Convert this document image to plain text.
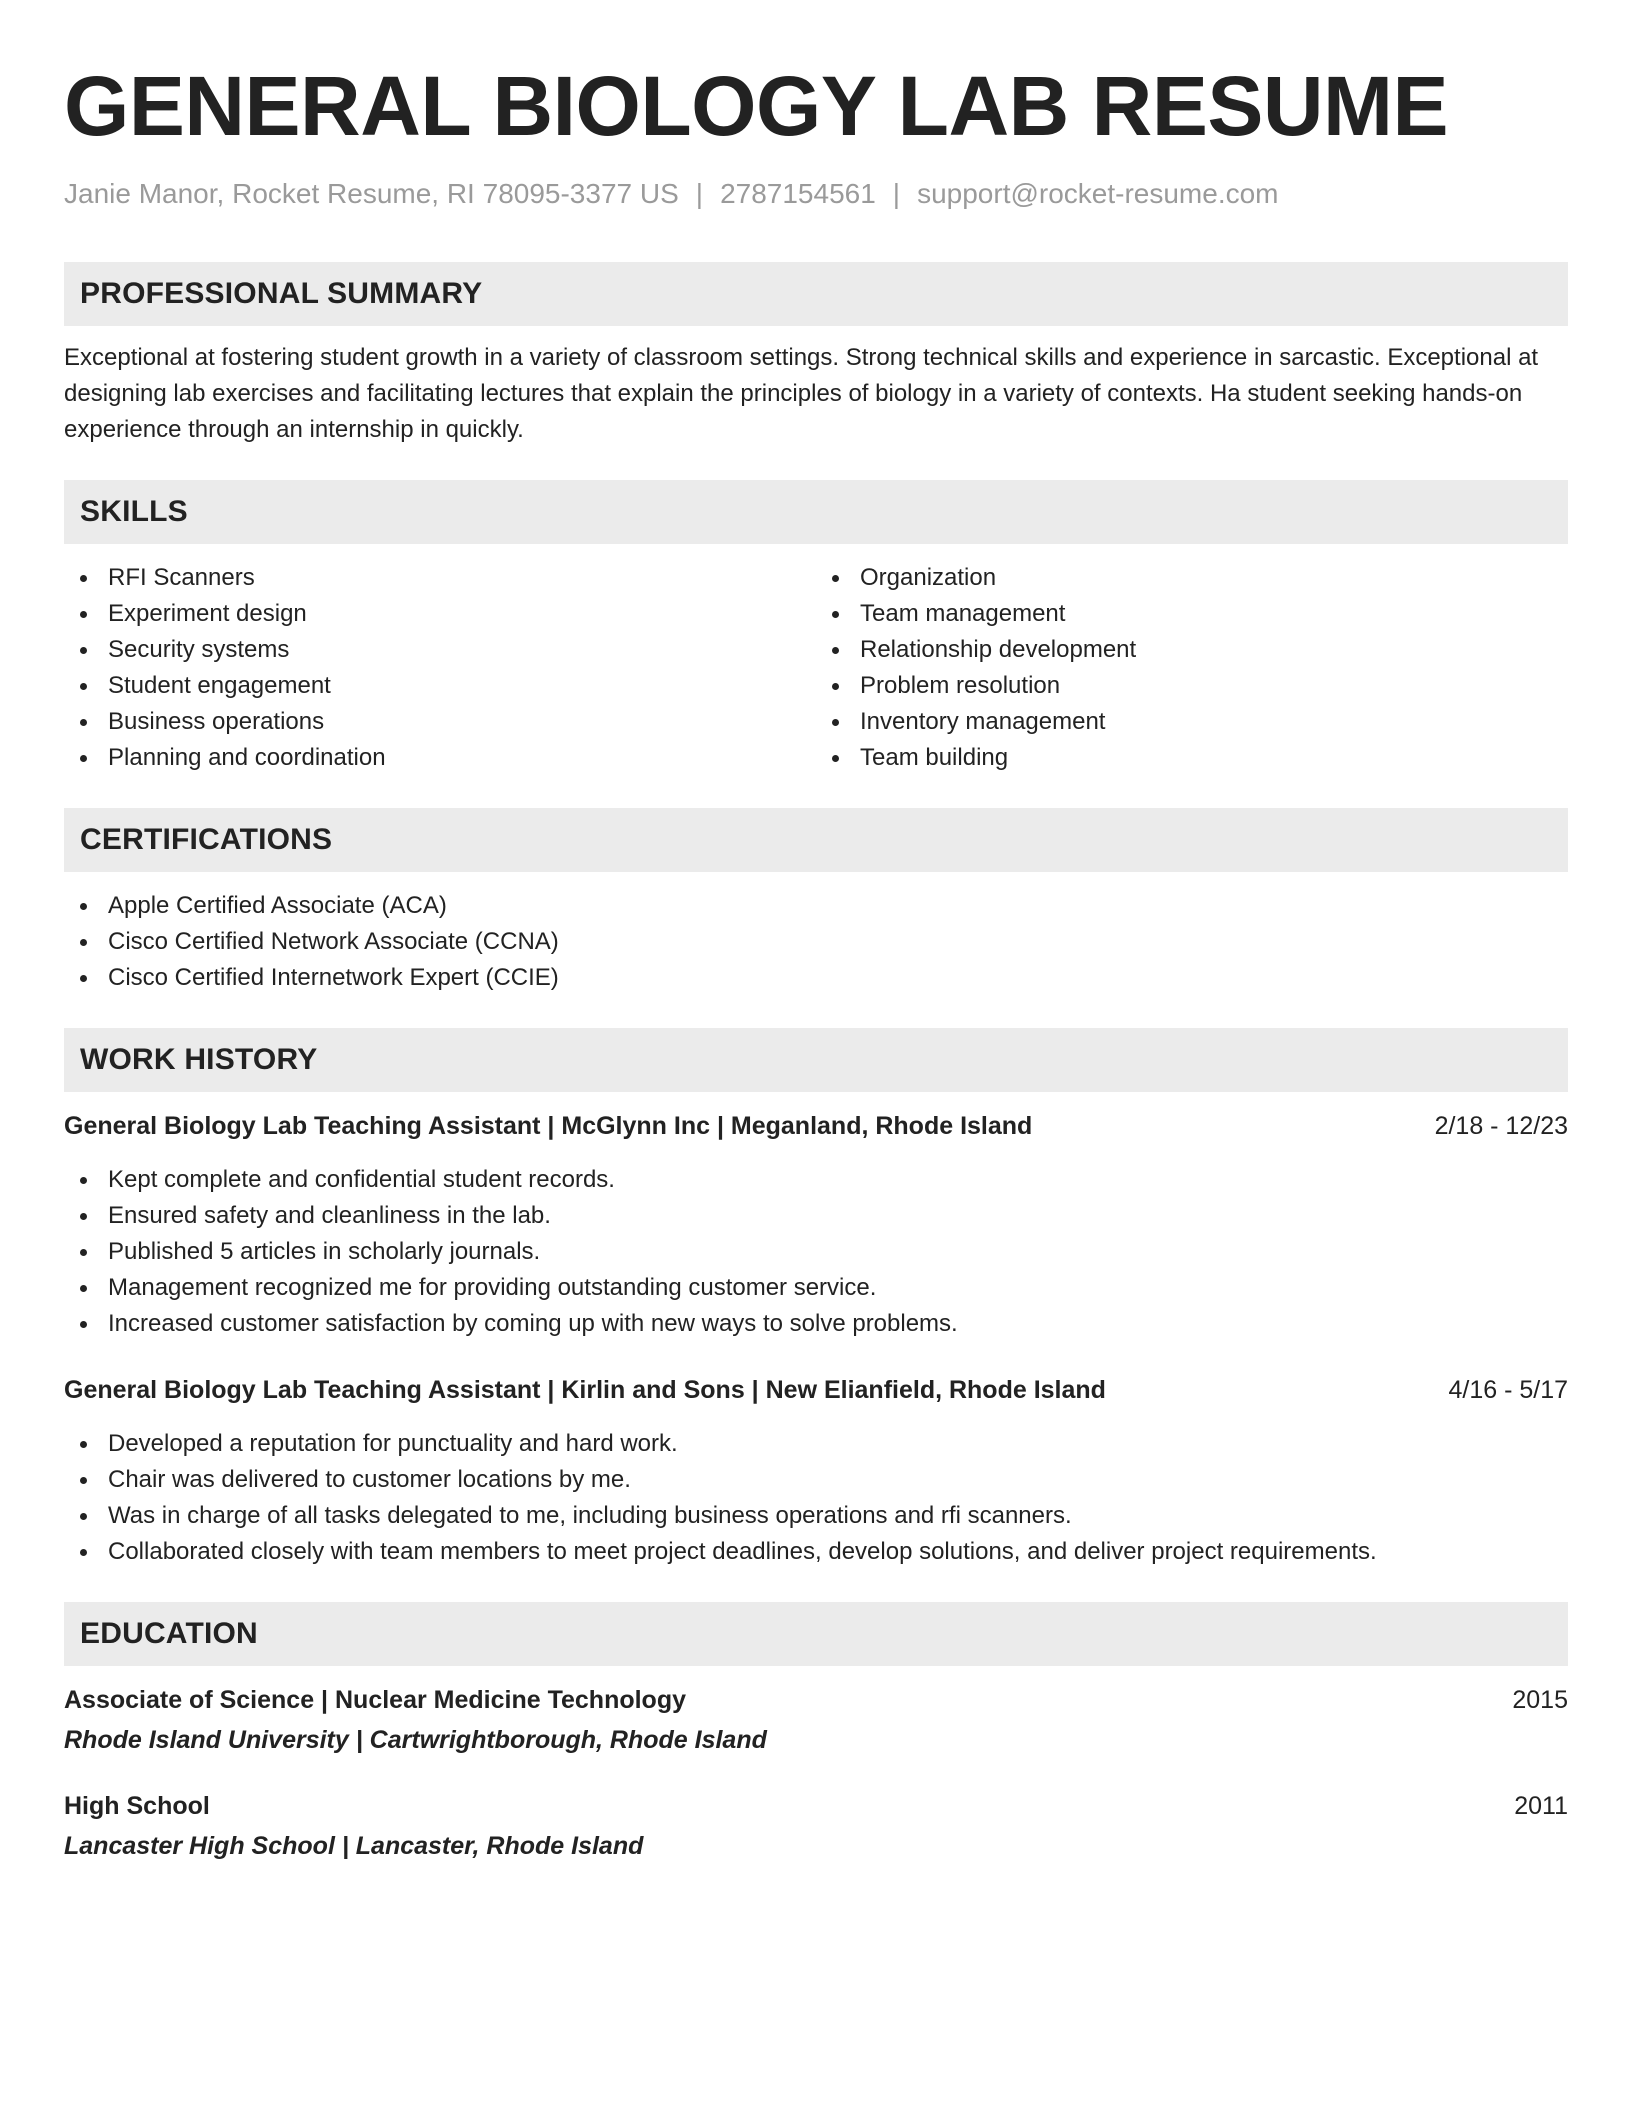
GENERAL BIOLOGY LAB RESUME
Janie Manor, Rocket Resume, RI 78095-3377 US | 2787154561 | support@rocket-resume.com
PROFESSIONAL SUMMARY

Exceptional at fostering student growth in a variety of classroom settings. Strong technical skills and experience in sarcastic. Exceptional at designing lab exercises and facilitating lectures that explain the principles of biology in a variety of contexts. Ha student seeking hands-on experience through an internship in quickly.

SKILLS
RFI Scanners
Experiment design
Security systems
Student engagement
Business operations
Planning and coordination
Organization
Team management
Relationship development
Problem resolution
Inventory management
Team building
CERTIFICATIONS
Apple Certified Associate (ACA)
Cisco Certified Network Associate (CCNA)
Cisco Certified Internetwork Expert (CCIE)
WORK HISTORY
General Biology Lab Teaching Assistant | McGlynn Inc | Meganland, Rhode Island	2/18 - 12/23
Kept complete and confidential student records.
Ensured safety and cleanliness in the lab.
Published 5 articles in scholarly journals.
Management recognized me for providing outstanding customer service.
Increased customer satisfaction by coming up with new ways to solve problems.
General Biology Lab Teaching Assistant | Kirlin and Sons | New Elianfield, Rhode Island	4/16 - 5/17
Developed a reputation for punctuality and hard work.
Chair was delivered to customer locations by me.
Was in charge of all tasks delegated to me, including business operations and rfi scanners.
Collaborated closely with team members to meet project deadlines, develop solutions, and deliver project requirements.
EDUCATION
Associate of Science | Nuclear Medicine Technology	2015
Rhode Island University | Cartwrightborough, Rhode Island
High School	2011
Lancaster High School | Lancaster, Rhode Island
